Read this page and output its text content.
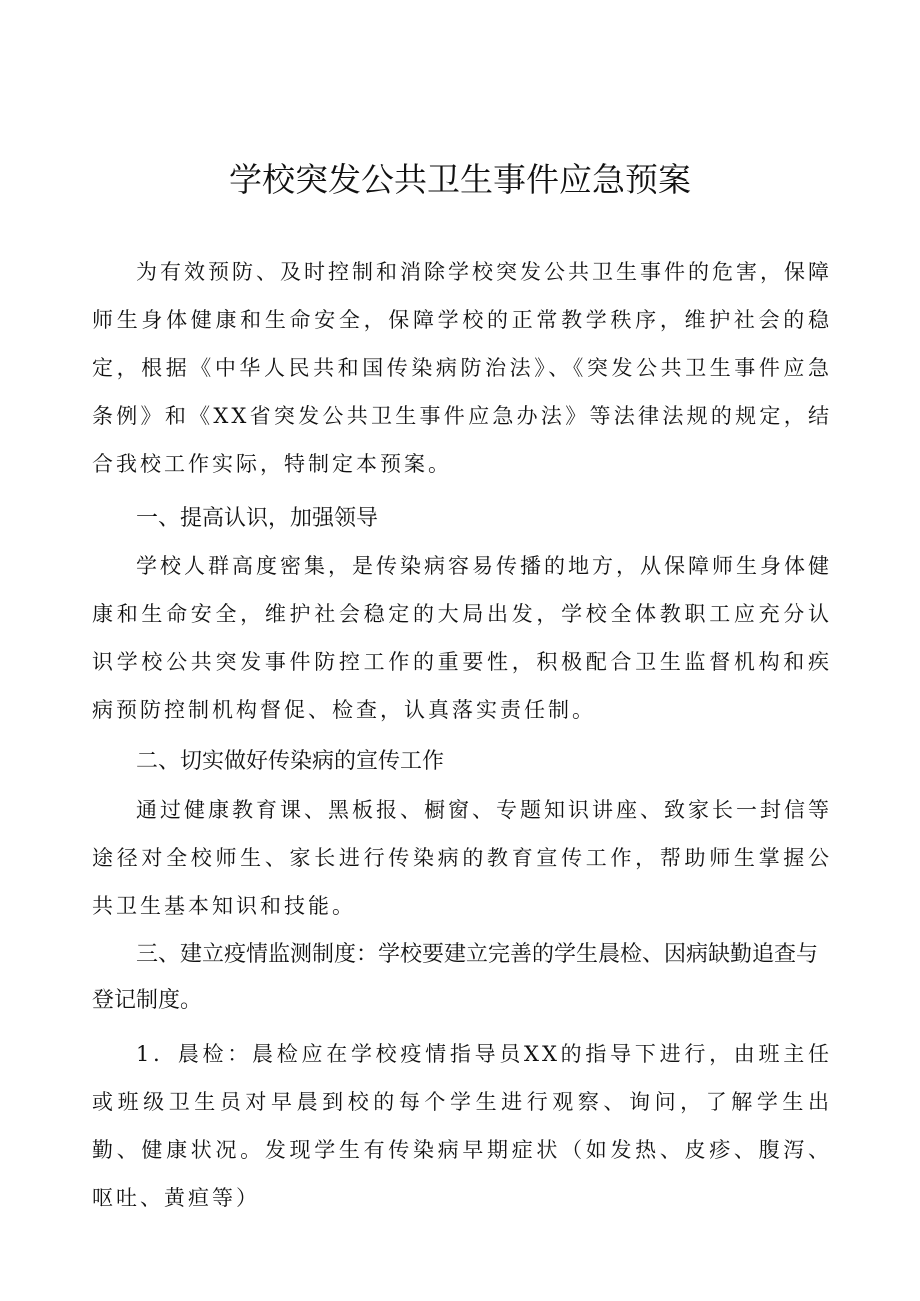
学校突发公共卫生事件应急预案

为有效预防、及时控制和消除学校突发公共卫生事件的危害，保障师生身体健康和生命安全，保障学校的正常教学秩序，维护社会的稳定，根据《中华人民共和国传染病防治法》、《突发公共卫生事件应急条例》和《XX省突发公共卫生事件应急办法》等法律法规的规定，结合我校工作实际，特制定本预案。

一、提高认识，加强领导

学校人群高度密集，是传染病容易传播的地方，从保障师生身体健康和生命安全，维护社会稳定的大局出发，学校全体教职工应充分认识学校公共突发事件防控工作的重要性，积极配合卫生监督机构和疾病预防控制机构督促、检查，认真落实责任制。

二、切实做好传染病的宣传工作

通过健康教育课、黑板报、橱窗、专题知识讲座、致家长一封信等途径对全校师生、家长进行传染病的教育宣传工作，帮助师生掌握公共卫生基本知识和技能。

三、建立疫情监测制度：学校要建立完善的学生晨检、因病缺勤追查与登记制度。

1．晨检：晨检应在学校疫情指导员XX的指导下进行，由班主任或班级卫生员对早晨到校的每个学生进行观察、询问，了解学生出勤、健康状况。发现学生有传染病早期症状（如发热、皮疹、腹泻、呕吐、黄疸等）
